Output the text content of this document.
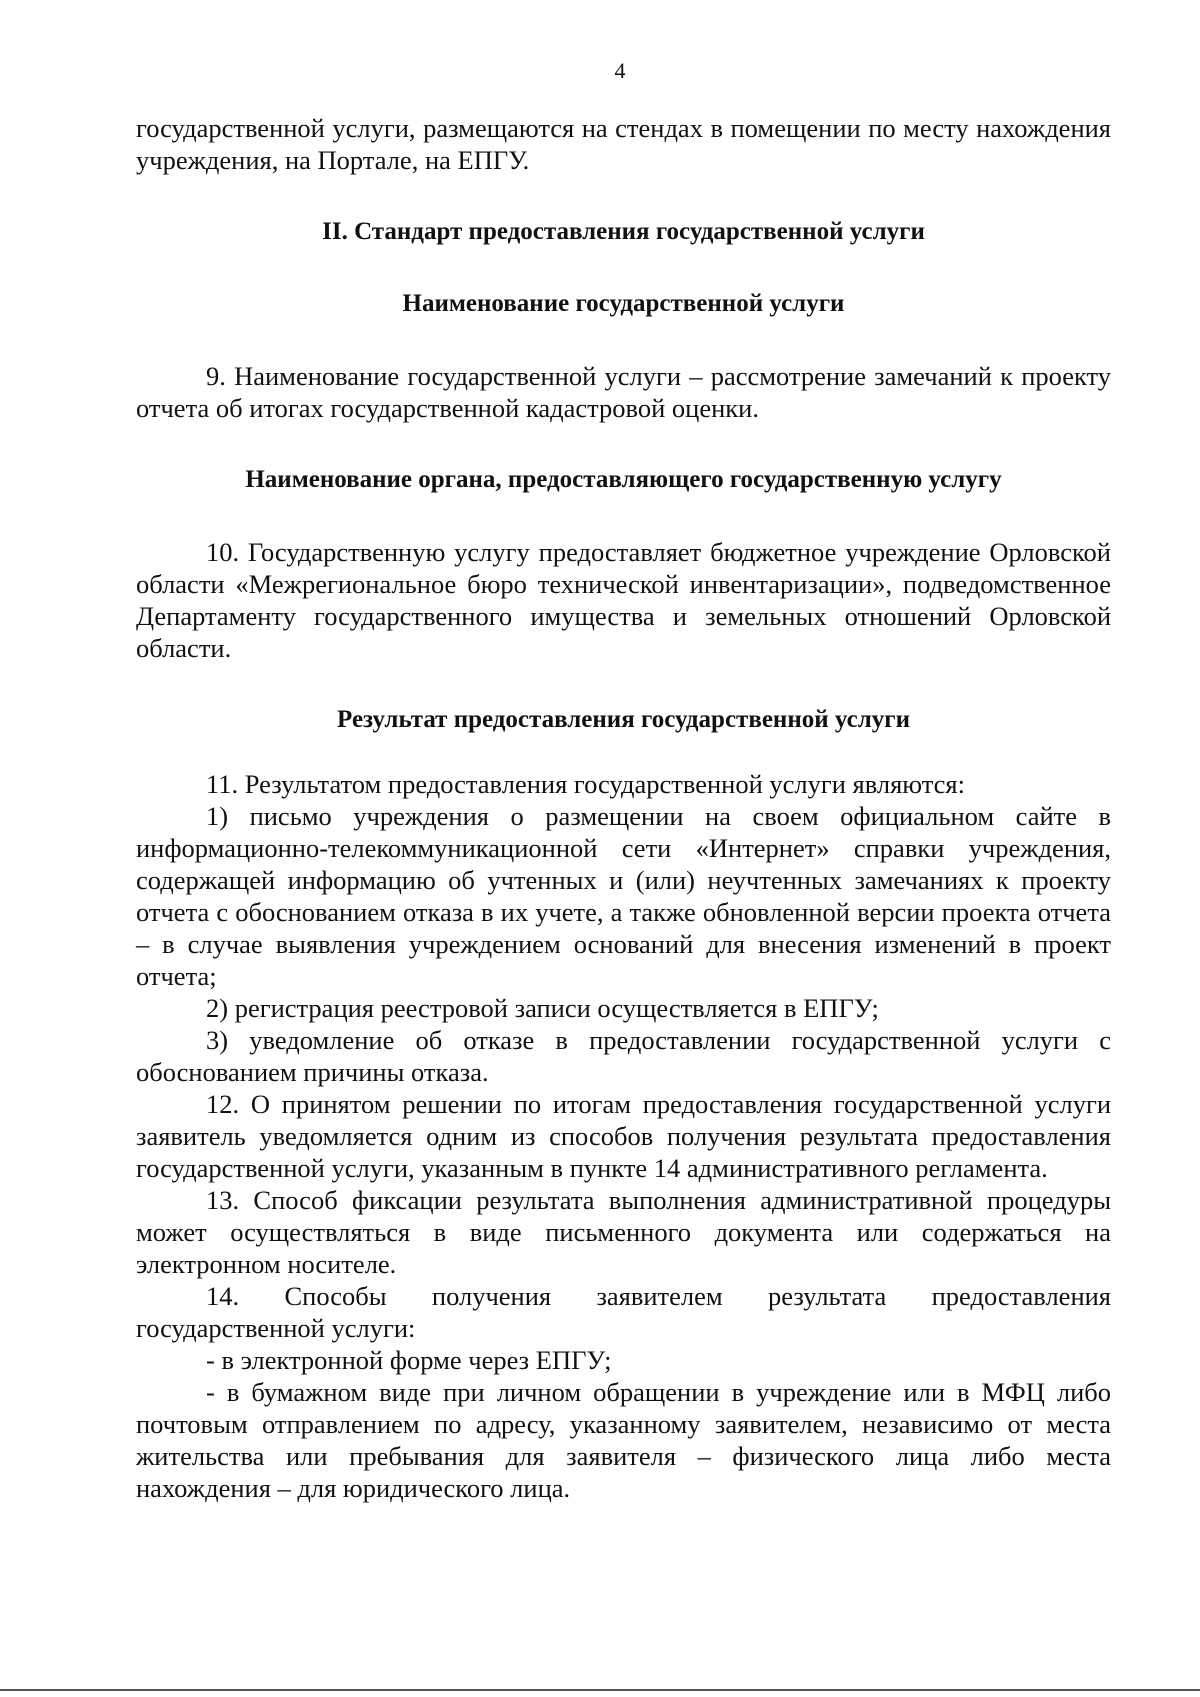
4

государственной услуги, размещаются на стендах в помещении по месту нахождения учреждения, на Портале, на ЕПГУ.

II. Стандарт предоставления государственной услуги
Наименование государственной услуги

9. Наименование государственной услуги – рассмотрение замечаний к проекту отчета об итогах государственной кадастровой оценки.

Наименование органа, предоставляющего государственную услугу

10. Государственную услугу предоставляет бюджетное учреждение Орловской области «Межрегиональное бюро технической инвентаризации», подведомственное Департаменту государственного имущества и земельных отношений Орловской области.

Результат предоставления государственной услуги

11. Результатом предоставления государственной услуги являются:

1) письмо учреждения о размещении на своем официальном сайте в информационно-телекоммуникационной сети «Интернет» справки учреждения, содержащей информацию об учтенных и (или) неучтенных замечаниях к проекту отчета с обоснованием отказа в их учете, а также обновленной версии проекта отчета – в случае выявления учреждением оснований для внесения изменений в проект отчета;

2) регистрация реестровой записи осуществляется в ЕПГУ;

3) уведомление об отказе в предоставлении государственной услуги с обоснованием причины отказа.

12. О принятом решении по итогам предоставления государственной услуги заявитель уведомляется одним из способов получения результата предоставления государственной услуги, указанным в пункте 14 административного регламента.

13. Способ фиксации результата выполнения административной процедуры может осуществляться в виде письменного документа или содержаться на электронном носителе.

14. Способы получения заявителем результата предоставления государственной услуги:

- в электронной форме через ЕПГУ;

- в бумажном виде при личном обращении в учреждение или в МФЦ либо почтовым отправлением по адресу, указанному заявителем, независимо от места жительства или пребывания для заявителя – физического лица либо места нахождения – для юридического лица.
